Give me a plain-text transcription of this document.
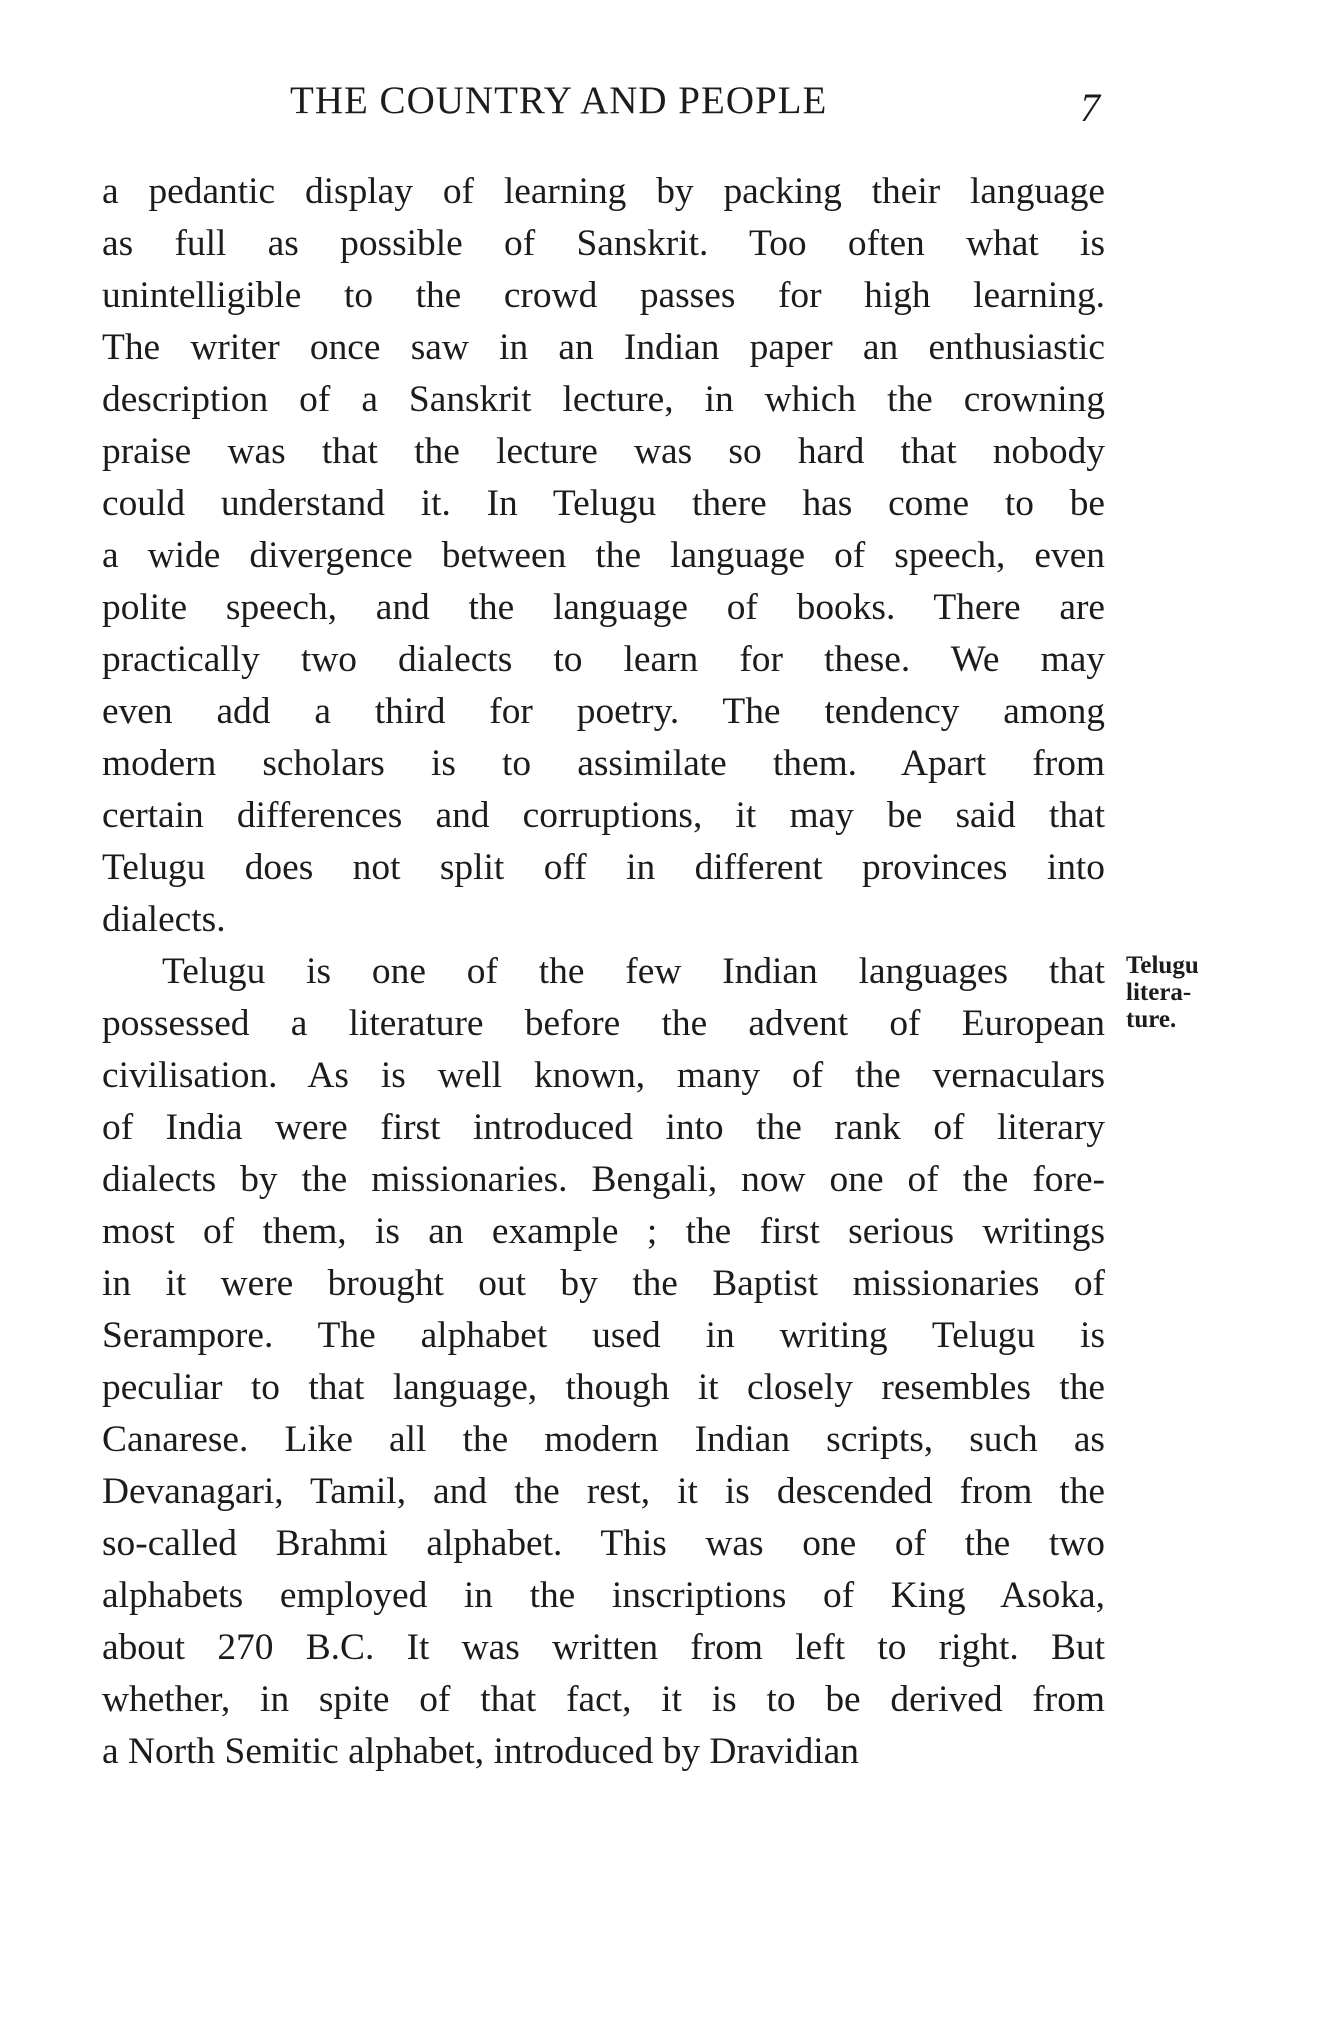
THE COUNTRY AND PEOPLE	7
a pedantic display of learning by packing their language
as full as possible of Sanskrit. Too often what is
unintelligible to the crowd passes for high learning.
The writer once saw in an Indian paper an enthusiastic
description of a Sanskrit lecture, in which the crowning
praise was that the lecture was so hard that nobody
could understand it. In Telugu there has come to be
a wide divergence between the language of speech, even
polite speech, and the language of books. There are
practically two dialects to learn for these. We may
even add a third for poetry. The tendency among
modern scholars is to assimilate them. Apart from
certain differences and corruptions, it may be said that
Telugu does not split off in different provinces into
dialects.
Telugu is one of the few Indian languages that
possessed a literature before the advent of European
civilisation. As is well known, many of the vernaculars
of India were first introduced into the rank of literary
dialects by the missionaries. Bengali, now one of the fore-
most of them, is an example ; the first serious writings
in it were brought out by the Baptist missionaries of
Serampore. The alphabet used in writing Telugu is
peculiar to that language, though it closely resembles the
Canarese. Like all the modern Indian scripts, such as
Devanagari, Tamil, and the rest, it is descended from the
so-called Brahmi alphabet. This was one of the two
alphabets employed in the inscriptions of King Asoka,
about 270 B.C. It was written from left to right. But
whether, in spite of that fact, it is to be derived from
a North Semitic alphabet, introduced by Dravidian
Telugu
litera-
ture.
